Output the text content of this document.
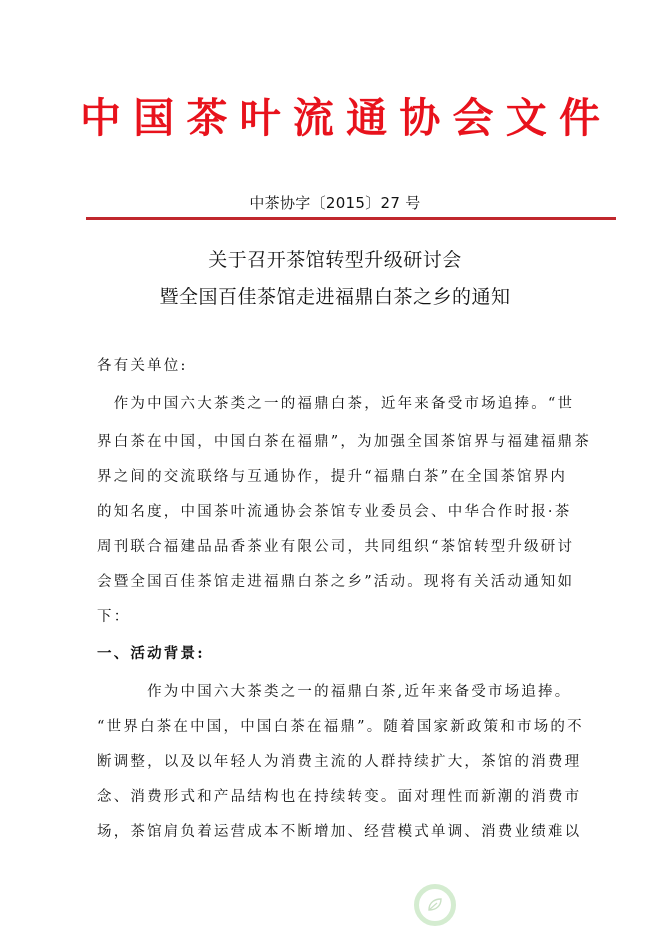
中 国 茶 叶 流 通 协 会 文 件
中茶协字〔2015〕27 号
关于召开茶馆转型升级研讨会
暨全国百佳茶馆走进福鼎白茶之乡的通知
各有关单位:
　作为中国六大茶类之一的福鼎白茶，近年来备受市场追捧。“世
界白茶在中国，中国白茶在福鼎”，为加强全国茶馆界与福建福鼎茶
界之间的交流联络与互通协作，提升“福鼎白茶”在全国茶馆界内
的知名度，中国茶叶流通协会茶馆专业委员会、中华合作时报·茶
周刊联合福建品品香茶业有限公司，共同组织“茶馆转型升级研讨
会暨全国百佳茶馆走进福鼎白茶之乡”活动。现将有关活动通知如
下：
一、活动背景:
　　　作为中国六大茶类之一的福鼎白茶,近年来备受市场追捧。
“世界白茶在中国，中国白茶在福鼎”。随着国家新政策和市场的不
断调整，以及以年轻人为消费主流的人群持续扩大，茶馆的消费理
念、消费形式和产品结构也在持续转变。面对理性而新潮的消费市
场，茶馆肩负着运营成本不断增加、经营模式单调、消费业绩难以
